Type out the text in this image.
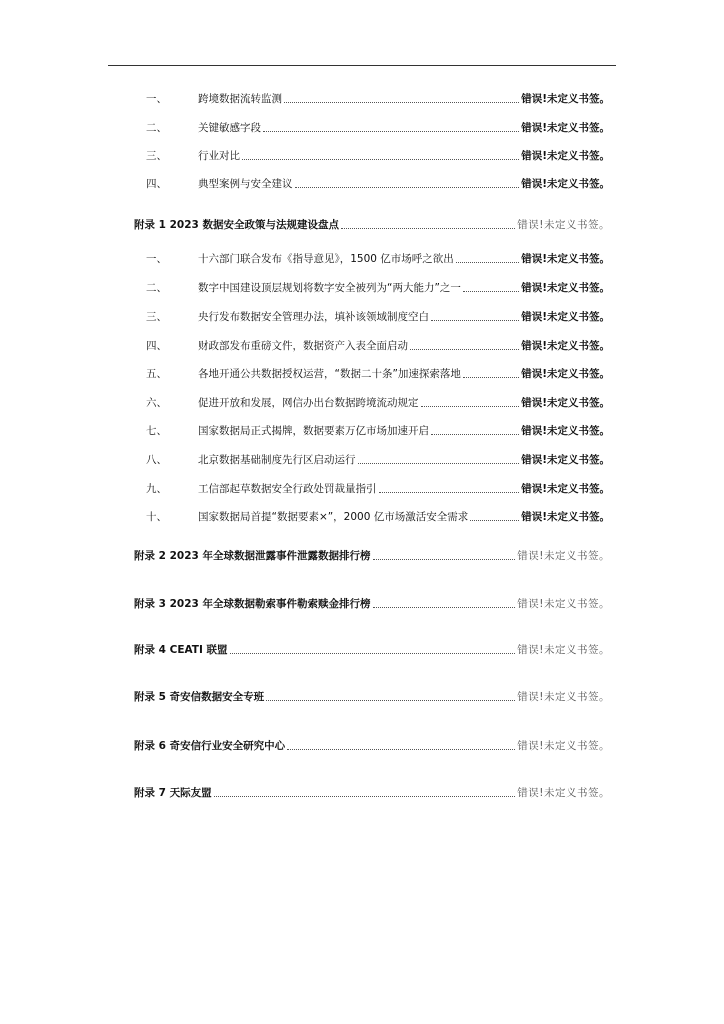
一、	跨境数据流转监测	错误!未定义书签。
二、	关键敏感字段	错误!未定义书签。
三、	行业对比	错误!未定义书签。
四、	典型案例与安全建议	错误!未定义书签。
附录 1 2023 数据安全政策与法规建设盘点	错误!未定义书签。
一、	十六部门联合发布《指导意见》，1500 亿市场呼之欲出	错误!未定义书签。
二、	数字中国建设顶层规划将数字安全被列为“两大能力”之一	错误!未定义书签。
三、	央行发布数据安全管理办法，填补该领域制度空白	错误!未定义书签。
四、	财政部发布重磅文件，数据资产入表全面启动	错误!未定义书签。
五、	各地开通公共数据授权运营，“数据二十条”加速探索落地	错误!未定义书签。
六、	促进开放和发展，网信办出台数据跨境流动规定	错误!未定义书签。
七、	国家数据局正式揭牌，数据要素万亿市场加速开启	错误!未定义书签。
八、	北京数据基础制度先行区启动运行	错误!未定义书签。
九、	工信部起草数据安全行政处罚裁量指引	错误!未定义书签。
十、	国家数据局首提“数据要素×”，2000 亿市场激活安全需求	错误!未定义书签。
附录 2 2023 年全球数据泄露事件泄露数据排行榜	错误!未定义书签。
附录 3 2023 年全球数据勒索事件勒索赎金排行榜	错误!未定义书签。
附录 4 CEATI 联盟	错误!未定义书签。
附录 5 奇安信数据安全专班	错误!未定义书签。
附录 6 奇安信行业安全研究中心	错误!未定义书签。
附录 7 天际友盟	错误!未定义书签。
